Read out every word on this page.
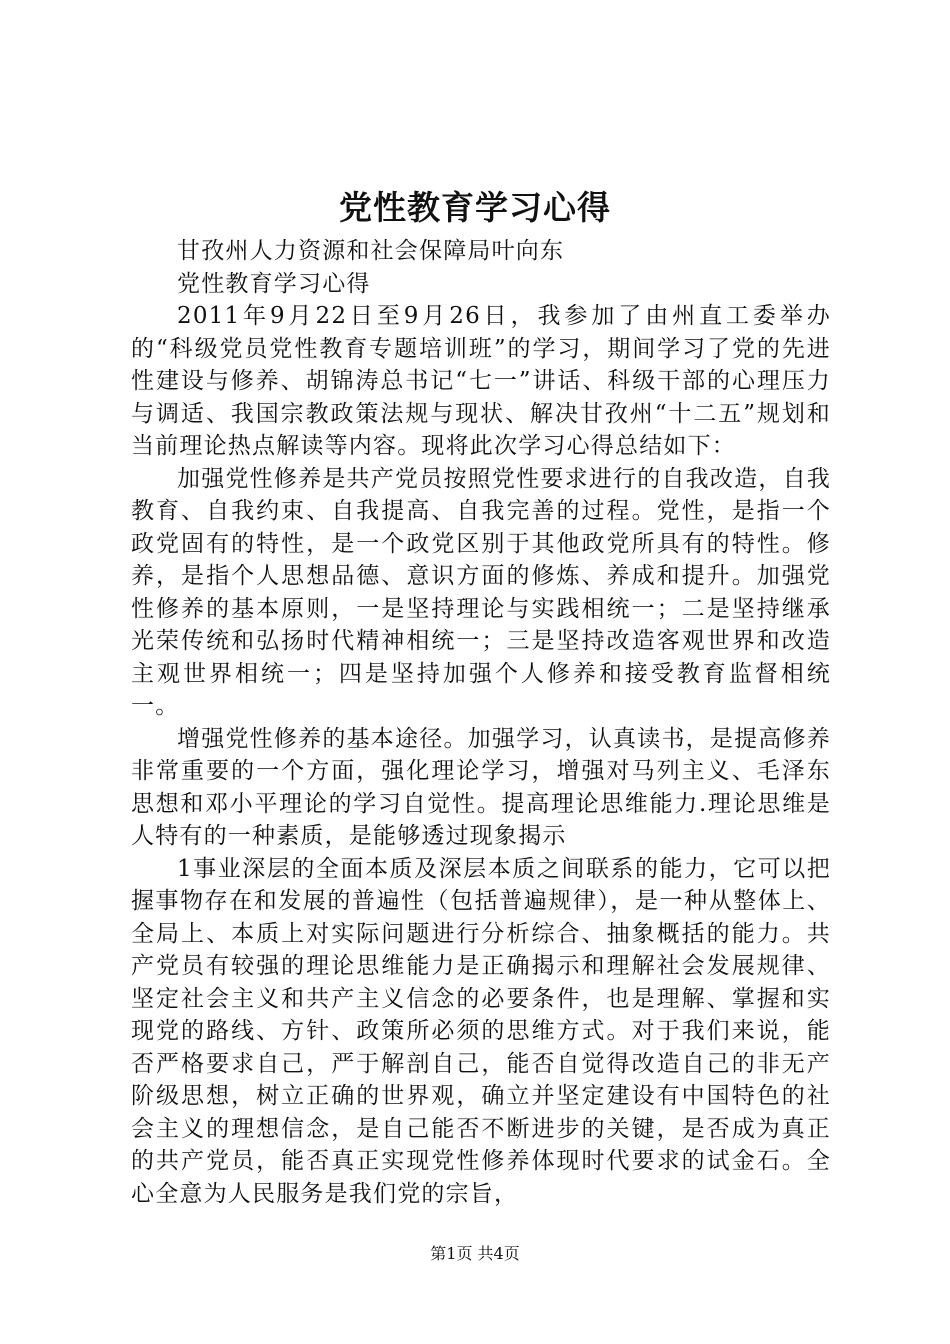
党性教育学习心得

甘孜州人力资源和社会保障局叶向东

党性教育学习心得

2011年9月22日至9月26日，我参加了由州直工委举办的“科级党员党性教育专题培训班”的学习，期间学习了党的先进性建设与修养、胡锦涛总书记“七一”讲话、科级干部的心理压力与调适、我国宗教政策法规与现状、解决甘孜州“十二五”规划和当前理论热点解读等内容。现将此次学习心得总结如下：

加强党性修养是共产党员按照党性要求进行的自我改造，自我教育、自我约束、自我提高、自我完善的过程。党性，是指一个政党固有的特性，是一个政党区别于其他政党所具有的特性。修养，是指个人思想品德、意识方面的修炼、养成和提升。加强党性修养的基本原则，一是坚持理论与实践相统一；二是坚持继承光荣传统和弘扬时代精神相统一；三是坚持改造客观世界和改造主观世界相统一；四是坚持加强个人修养和接受教育监督相统一。

增强党性修养的基本途径。加强学习，认真读书，是提高修养非常重要的一个方面，强化理论学习，增强对马列主义、毛泽东思想和邓小平理论的学习自觉性。提高理论思维能力.理论思维是人特有的一种素质，是能够透过现象揭示

1事业深层的全面本质及深层本质之间联系的能力，它可以把握事物存在和发展的普遍性（包括普遍规律），是一种从整体上、全局上、本质上对实际问题进行分析综合、抽象概括的能力。共产党员有较强的理论思维能力是正确揭示和理解社会发展规律、坚定社会主义和共产主义信念的必要条件，也是理解、掌握和实现党的路线、方针、政策所必须的思维方式。对于我们来说，能否严格要求自己，严于解剖自己，能否自觉得改造自己的非无产阶级思想，树立正确的世界观，确立并坚定建设有中国特色的社会主义的理想信念，是自己能否不断进步的关键，是否成为真正的共产党员，能否真正实现党性修养体现时代要求的试金石。全心全意为人民服务是我们党的宗旨，

第1页 共4页
